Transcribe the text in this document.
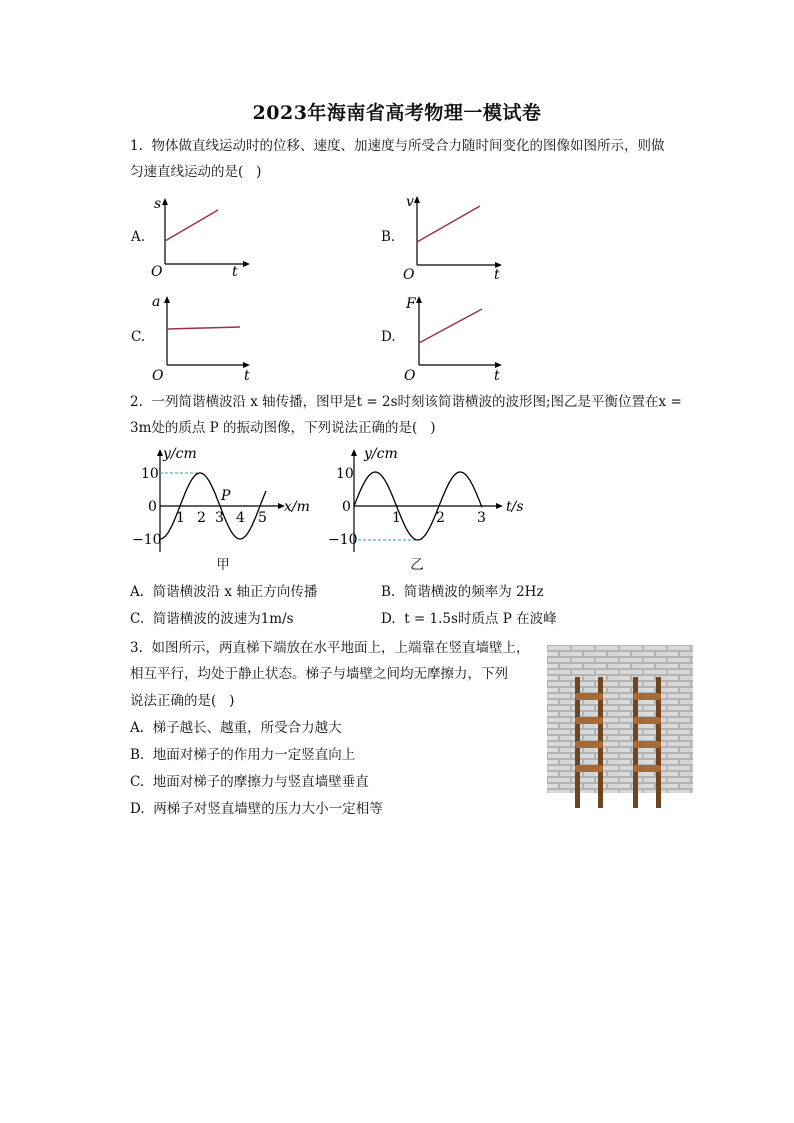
2023年海南省高考物理一模试卷
1.  物体做直线运动时的位移、速度、加速度与所受合力随时间变化的图像如图所示，则做
匀速直线运动的是(   )
A.
s
t
O
B.
v
t
O
C.
a
t
O
D.
F
t
O
2.  一列简谐横波沿 x 轴传播，图甲是t = 2s时刻该简谐横波的波形图;图乙是平衡位置在x =
3m处的质点 P 的振动图像，下列说法正确的是(   )
y/cm
x/m
P
10
0
−10
1 2 3 4 5
甲
y/cm
t/s
10
0
−10
1	2 3
乙
A.  简谐横波沿 x 轴正方向传播	B.  简谐横波的频率为 2Hz
C.  简谐横波的波速为1m/s	D.  t = 1.5s时质点 P 在波峰
3.  如图所示，两直梯下端放在水平地面上，上端靠在竖直墙壁上，
相互平行，均处于静止状态。梯子与墙壁之间均无摩擦力，下列
说法正确的是(   )
A.  梯子越长、越重，所受合力越大
B.  地面对梯子的作用力一定竖直向上
C.  地面对梯子的摩擦力与竖直墙壁垂直
D.  两梯子对竖直墙壁的压力大小一定相等
